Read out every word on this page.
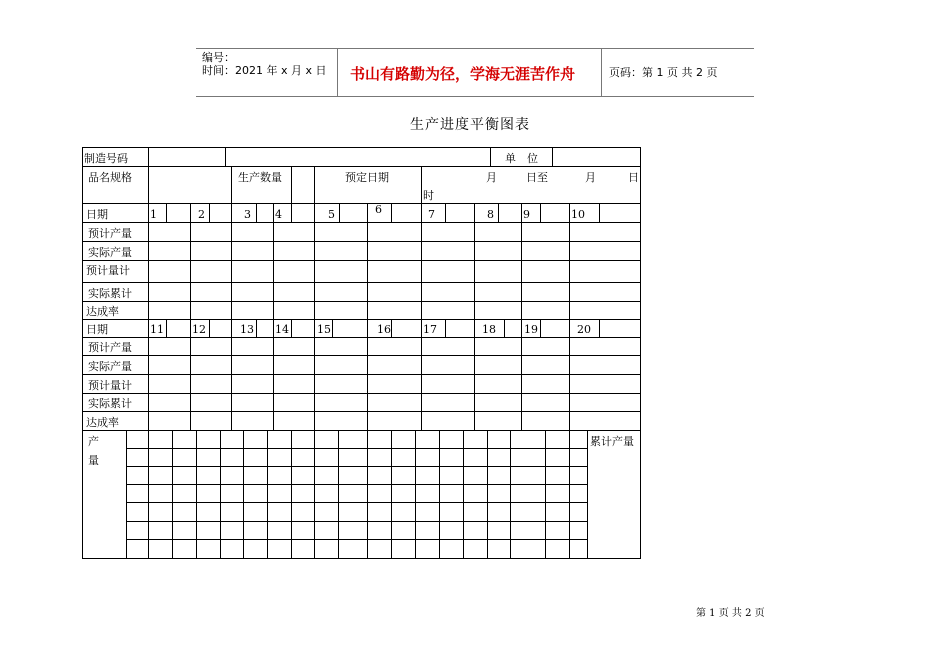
编号：
时间：2021 年 x 月 x 日 书山有路勤为径，学海无涯苦作舟	页码：第 1 页 共 2 页
生产进度平衡图表
制造号码	单　位
品名规格	生产数量	预定日期	月	日至	月	日
时
日期	1	2	3 4	5	6	7	8	9	10
预计产量
实际产量
预计量计
实际累计
达成率
日期	11	12	13 14	15	16	17	18	19	20
预计产量
实际产量
预计量计
实际累计
达成率
产
量
累计产量
第 1 页 共 2 页
